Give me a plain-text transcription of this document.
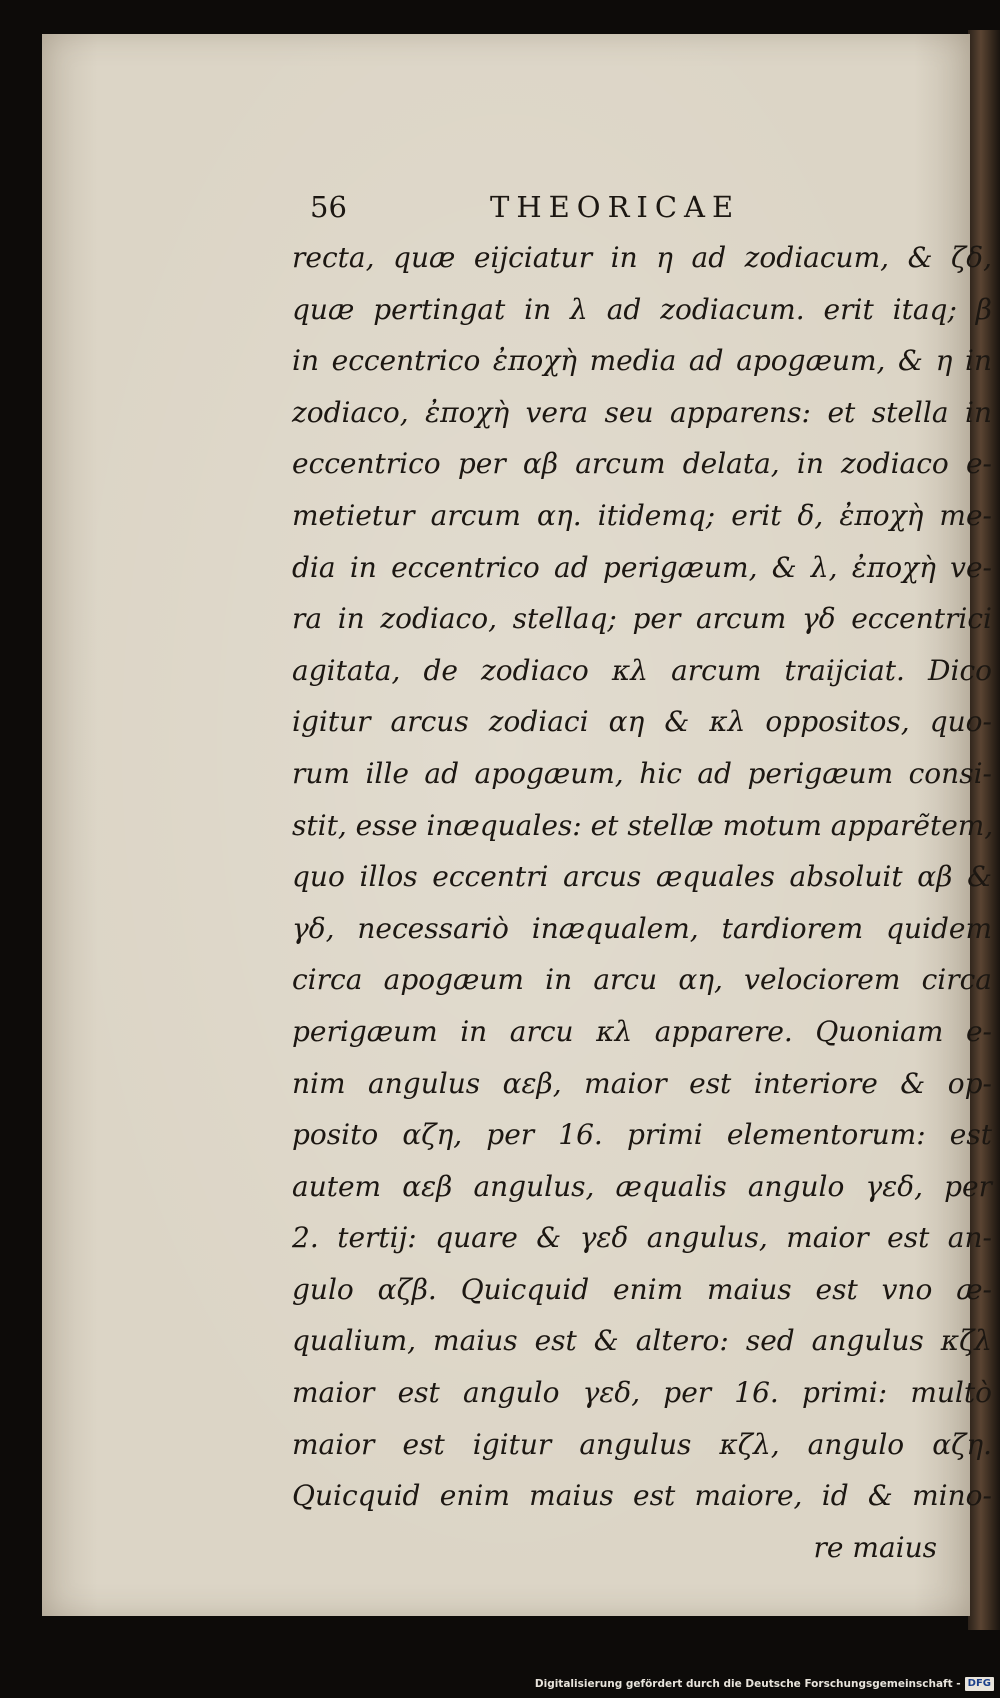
56	THEORICAE
recta, quæ eijciatur in η ad zodiacum, & ζδ,
quæ pertingat in λ ad zodiacum. erit itaq; β
in eccentrico ἐποχὴ media ad apogæum, & η in
zodiaco, ἐποχὴ vera seu apparens: et stella in
eccentrico per αβ arcum delata, in zodiaco e-
metietur arcum αη. itidemq; erit δ, ἐποχὴ me-
dia in eccentrico ad perigæum, & λ, ἐποχὴ ve-
ra in zodiaco, stellaq; per arcum γδ eccentrici
agitata, de zodiaco κλ arcum traijciat. Dico
igitur arcus zodiaci αη & κλ oppositos, quo-
rum ille ad apogæum, hic ad perigæum consi-
stit, esse inæquales: et stellæ motum apparẽtem,
quo illos eccentri arcus æquales absoluit αβ &
γδ, necessariò inæqualem, tardiorem quidem
circa apogæum in arcu αη, velociorem circa
perigæum in arcu κλ apparere. Quoniam e-
nim angulus αεβ, maior est interiore & op-
posito αζη, per 16. primi elementorum: est
autem αεβ angulus, æqualis angulo γεδ, per
2. tertij: quare & γεδ angulus, maior est an-
gulo αζβ. Quicquid enim maius est vno æ-
qualium, maius est & altero: sed angulus κζλ
maior est angulo γεδ, per 16. primi: multò
maior est igitur angulus κζλ, angulo αζη.
Quicquid enim maius est maiore, id & mino-
re maius
Digitalisierung gefördert durch die Deutsche Forschungsgemeinschaft - DFG
